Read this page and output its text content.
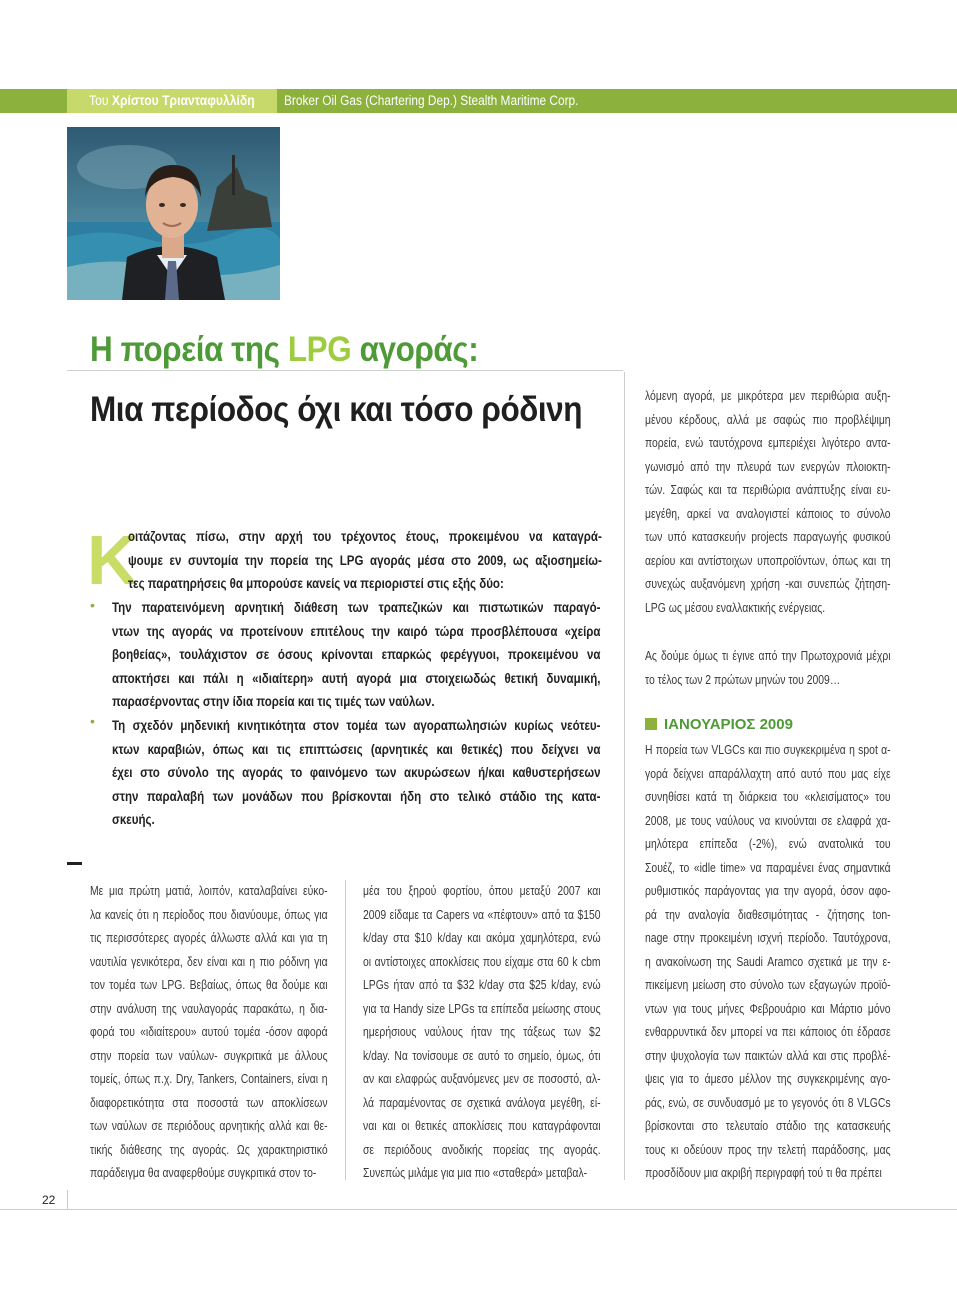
Του Χρίστου Τριανταφυλλίδη Broker Oil Gas (Chartering Dep.) Stealth Maritime Corp.
Η πορεία της LPG αγοράς:
Μια περίοδος όχι και τόσο ρόδινη
Κ
οιτάζοντας πίσω, στην αρχή του τρέχοντος έτους, προκειμένου να καταγρά-
ψουμε εν συντομία την πορεία της LPG αγοράς μέσα στο 2009, ως αξιοσημείω-
τες παρατηρήσεις θα μπορούσε κανείς να περιοριστεί στις εξής δύο:
• Την παρατεινόμενη αρνητική διάθεση των τραπεζικών και πιστωτικών παραγό-
ντων της αγοράς να προτείνουν επιτέλους την καιρό τώρα προσβλέπουσα «χείρα
βοηθείας», τουλάχιστον σε όσους κρίνονται επαρκώς φερέγγυοι, προκειμένου να
αποκτήσει και πάλι η «ιδιαίτερη» αυτή αγορά μια στοιχειωδώς θετική δυναμική,
παρασέρνοντας στην ίδια πορεία και τις τιμές των ναύλων.
• Τη σχεδόν μηδενική κινητικότητα στον τομέα των αγοραπωλησιών κυρίως νεότευ-
κτων καραβιών, όπως και τις επιπτώσεις (αρνητικές και θετικές) που δείχνει να
έχει στο σύνολο της αγοράς το φαινόμενο των ακυρώσεων ή/και καθυστερήσεων
στην παραλαβή των μονάδων που βρίσκονται ήδη στο τελικό στάδιο της κατα-
σκευής.
Με μια πρώτη ματιά, λοιπόν, καταλαβαίνει εύκο-
λα κανείς ότι η περίοδος που διανύουμε, όπως για
τις περισσότερες αγορές άλλωστε αλλά και για τη
ναυτιλία γενικότερα, δεν είναι και η πιο ρόδινη για
τον τομέα των LPG. Βεβαίως, όπως θα δούμε και
στην ανάλυση της ναυλαγοράς παρακάτω, η δια-
φορά του «ιδιαίτερου» αυτού τομέα -όσον αφορά
στην πορεία των ναύλων- συγκριτικά με άλλους
τομείς, όπως π.χ. Dry, Tankers, Containers, είναι η
διαφορετικότητα στα ποσοστά των αποκλίσεων
των ναύλων σε περιόδους αρνητικής αλλά και θε-
τικής διάθεσης της αγοράς. Ως χαρακτηριστικό
παράδειγμα θα αναφερθούμε συγκριτικά στον το-
μέα του ξηρού φορτίου, όπου μεταξύ 2007 και
2009 είδαμε τα Capers να «πέφτουν» από τα $150
k/day στα $10 k/day και ακόμα χαμηλότερα, ενώ
οι αντίστοιχες αποκλίσεις που είχαμε στα 60 k cbm
LPGs ήταν από τα $32 k/day στα $25 k/day, ενώ
για τα Handy size LPGs τα επίπεδα μείωσης στους
ημερήσιους ναύλους ήταν της τάξεως των $2
k/day. Να τονίσουμε σε αυτό το σημείο, όμως, ότι
αν και ελαφρώς αυξανόμενες μεν σε ποσοστό, αλ-
λά παραμένοντας σε σχετικά ανάλογα μεγέθη, εί-
ναι και οι θετικές αποκλίσεις που καταγράφονται
σε περιόδους ανοδικής πορείας της αγοράς.
Συνεπώς μιλάμε για μια πιο «σταθερά» μεταβαλ-
λόμενη αγορά, με μικρότερα μεν περιθώρια αυξη-
μένου κέρδους, αλλά με σαφώς πιο προβλέψιμη
πορεία, ενώ ταυτόχρονα εμπεριέχει λιγότερο αντα-
γωνισμό από την πλευρά των ενεργών πλοιοκτη-
τών. Σαφώς και τα περιθώρια ανάπτυξης είναι ευ-
μεγέθη, αρκεί να αναλογιστεί κάποιος το σύνολο
των υπό κατασκευήν projects παραγωγής φυσικού
αερίου και αντίστοιχων υποπροϊόντων, όπως και τη
συνεχώς αυξανόμενη χρήση -και συνεπώς ζήτηση-
LPG ως μέσου εναλλακτικής ενέργειας.
Ας δούμε όμως τι έγινε από την Πρωτοχρονιά μέχρι
το τέλος των 2 πρώτων μηνών του 2009…
ΙΑΝΟΥΑΡΙΟΣ 2009
Η πορεία των VLGCs και πιο συγκεκριμένα η spot α-
γορά δείχνει απαράλλαχτη από αυτό που μας είχε
συνηθίσει κατά τη διάρκεια του «κλεισίματος» του
2008, με τους ναύλους να κινούνται σε ελαφρά χα-
μηλότερα επίπεδα (-2%), ενώ ανατολικά του
Σουέζ, το «idle time» να παραμένει ένας σημαντικά
ρυθμιστικός παράγοντας για την αγορά, όσον αφο-
ρά την αναλογία διαθεσιμότητας - ζήτησης ton-
nage στην προκειμένη ισχνή περίοδο. Ταυτόχρονα,
η ανακοίνωση της Saudi Aramco σχετικά με την ε-
πικείμενη μείωση στο σύνολο των εξαγωγών προϊό-
ντων για τους μήνες Φεβρουάριο και Μάρτιο μόνο
ενθαρρυντικά δεν μπορεί να πει κάποιος ότι έδρασε
στην ψυχολογία των παικτών αλλά και στις προβλέ-
ψεις για το άμεσο μέλλον της συγκεκριμένης αγο-
ράς, ενώ, σε συνδυασμό με το γεγονός ότι 8 VLGCs
βρίσκονται στο τελευταίο στάδιο της κατασκευής
τους κι οδεύουν προς την τελετή παράδοσης, μας
προσδίδουν μια ακριβή περιγραφή τού τι θα πρέπει
22
